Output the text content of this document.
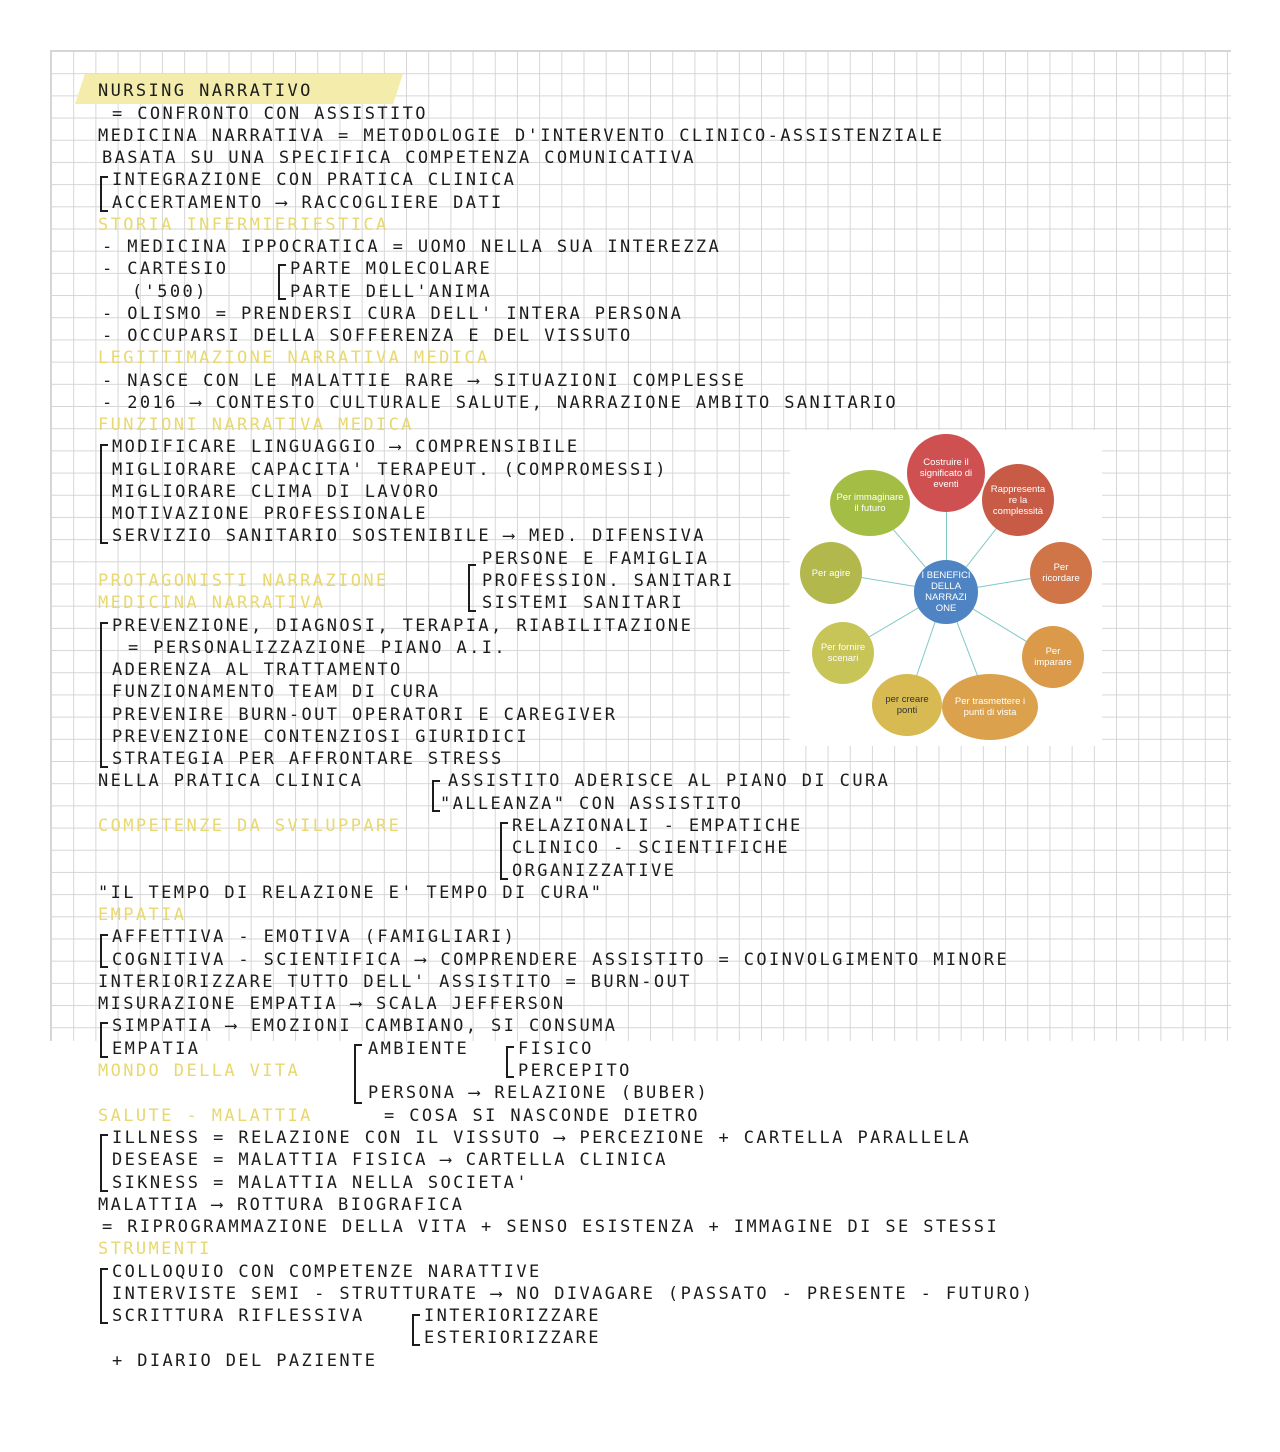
NURSING NARRATIVO
= CONFRONTO CON ASSISTITO
MEDICINA NARRATIVA = METODOLOGIE D'INTERVENTO CLINICO-ASSISTENZIALE
BASATA SU UNA SPECIFICA COMPETENZA COMUNICATIVA
INTEGRAZIONE CON PRATICA CLINICA
ACCERTAMENTO ⟶ RACCOGLIERE DATI
STORIA INFERMIERIESTICA
- MEDICINA IPPOCRATICA = UOMO NELLA SUA INTEREZZA
- CARTESIO	PARTE MOLECOLARE
('500)	PARTE DELL'ANIMA
- OLISMO = PRENDERSI CURA DELL' INTERA PERSONA
- OCCUPARSI DELLA SOFFERENZA E DEL VISSUTO
LEGITTIMAZIONE NARRATIVA MEDICA
- NASCE CON LE MALATTIE RARE ⟶ SITUAZIONI COMPLESSE
- 2016 ⟶ CONTESTO CULTURALE SALUTE, NARRAZIONE AMBITO SANITARIO
FUNZIONI NARRATIVA MEDICA
MODIFICARE LINGUAGGIO ⟶ COMPRENSIBILE
MIGLIORARE CAPACITA' TERAPEUT. (COMPROMESSI)
MIGLIORARE CLIMA DI LAVORO
MOTIVAZIONE PROFESSIONALE
SERVIZIO SANITARIO SOSTENIBILE ⟶ MED. DIFENSIVA
PERSONE E FAMIGLIA
PROTAGONISTI NARRAZIONE	PROFESSION. SANITARI
MEDICINA NARRATIVA	SISTEMI SANITARI
PREVENZIONE, DIAGNOSI, TERAPIA, RIABILITAZIONE
= PERSONALIZZAZIONE PIANO A.I.
ADERENZA AL TRATTAMENTO
FUNZIONAMENTO TEAM DI CURA
PREVENIRE BURN-OUT OPERATORI E CAREGIVER
PREVENZIONE CONTENZIOSI GIURIDICI
STRATEGIA PER AFFRONTARE STRESS
NELLA PRATICA CLINICA	ASSISTITO ADERISCE AL PIANO DI CURA
"ALLEANZA" CON ASSISTITO
COMPETENZE DA SVILUPPARE	RELAZIONALI - EMPATICHE
CLINICO - SCIENTIFICHE
ORGANIZZATIVE
"IL TEMPO DI RELAZIONE E' TEMPO DI CURA"
EMPATIA
AFFETTIVA - EMOTIVA (FAMIGLIARI)
COGNITIVA - SCIENTIFICA ⟶ COMPRENDERE ASSISTITO = COINVOLGIMENTO MINORE
INTERIORIZZARE TUTTO DELL' ASSISTITO = BURN-OUT
MISURAZIONE EMPATIA ⟶ SCALA JEFFERSON
SIMPATIA ⟶ EMOZIONI CAMBIANO, SI CONSUMA
EMPATIA	AMBIENTE	FISICO
MONDO DELLA VITA	PERCEPITO
PERSONA ⟶ RELAZIONE (BUBER)
SALUTE - MALATTIA	= COSA SI NASCONDE DIETRO
ILLNESS = RELAZIONE CON IL VISSUTO ⟶ PERCEZIONE + CARTELLA PARALLELA
DESEASE = MALATTIA FISICA ⟶ CARTELLA CLINICA
SIKNESS = MALATTIA NELLA SOCIETA'
MALATTIA ⟶ ROTTURA BIOGRAFICA
= RIPROGRAMMAZIONE DELLA VITA + SENSO ESISTENZA + IMMAGINE DI SE STESSI
STRUMENTI
COLLOQUIO CON COMPETENZE NARATTIVE
INTERVISTE SEMI - STRUTTURATE ⟶ NO DIVAGARE (PASSATO - PRESENTE - FUTURO)
SCRITTURA RIFLESSIVA	INTERIORIZZARE
ESTERIORIZZARE
+ DIARIO DEL PAZIENTE
I BENEFICI DELLA NARRAZI ONE
Costruire il significato di eventi	Rappresenta re la complessità
Per ricordare
Per imparare
Per trasmettere i punti di vista
per creare ponti
Per fornire scenari
Per agire
Per immaginare il futuro
